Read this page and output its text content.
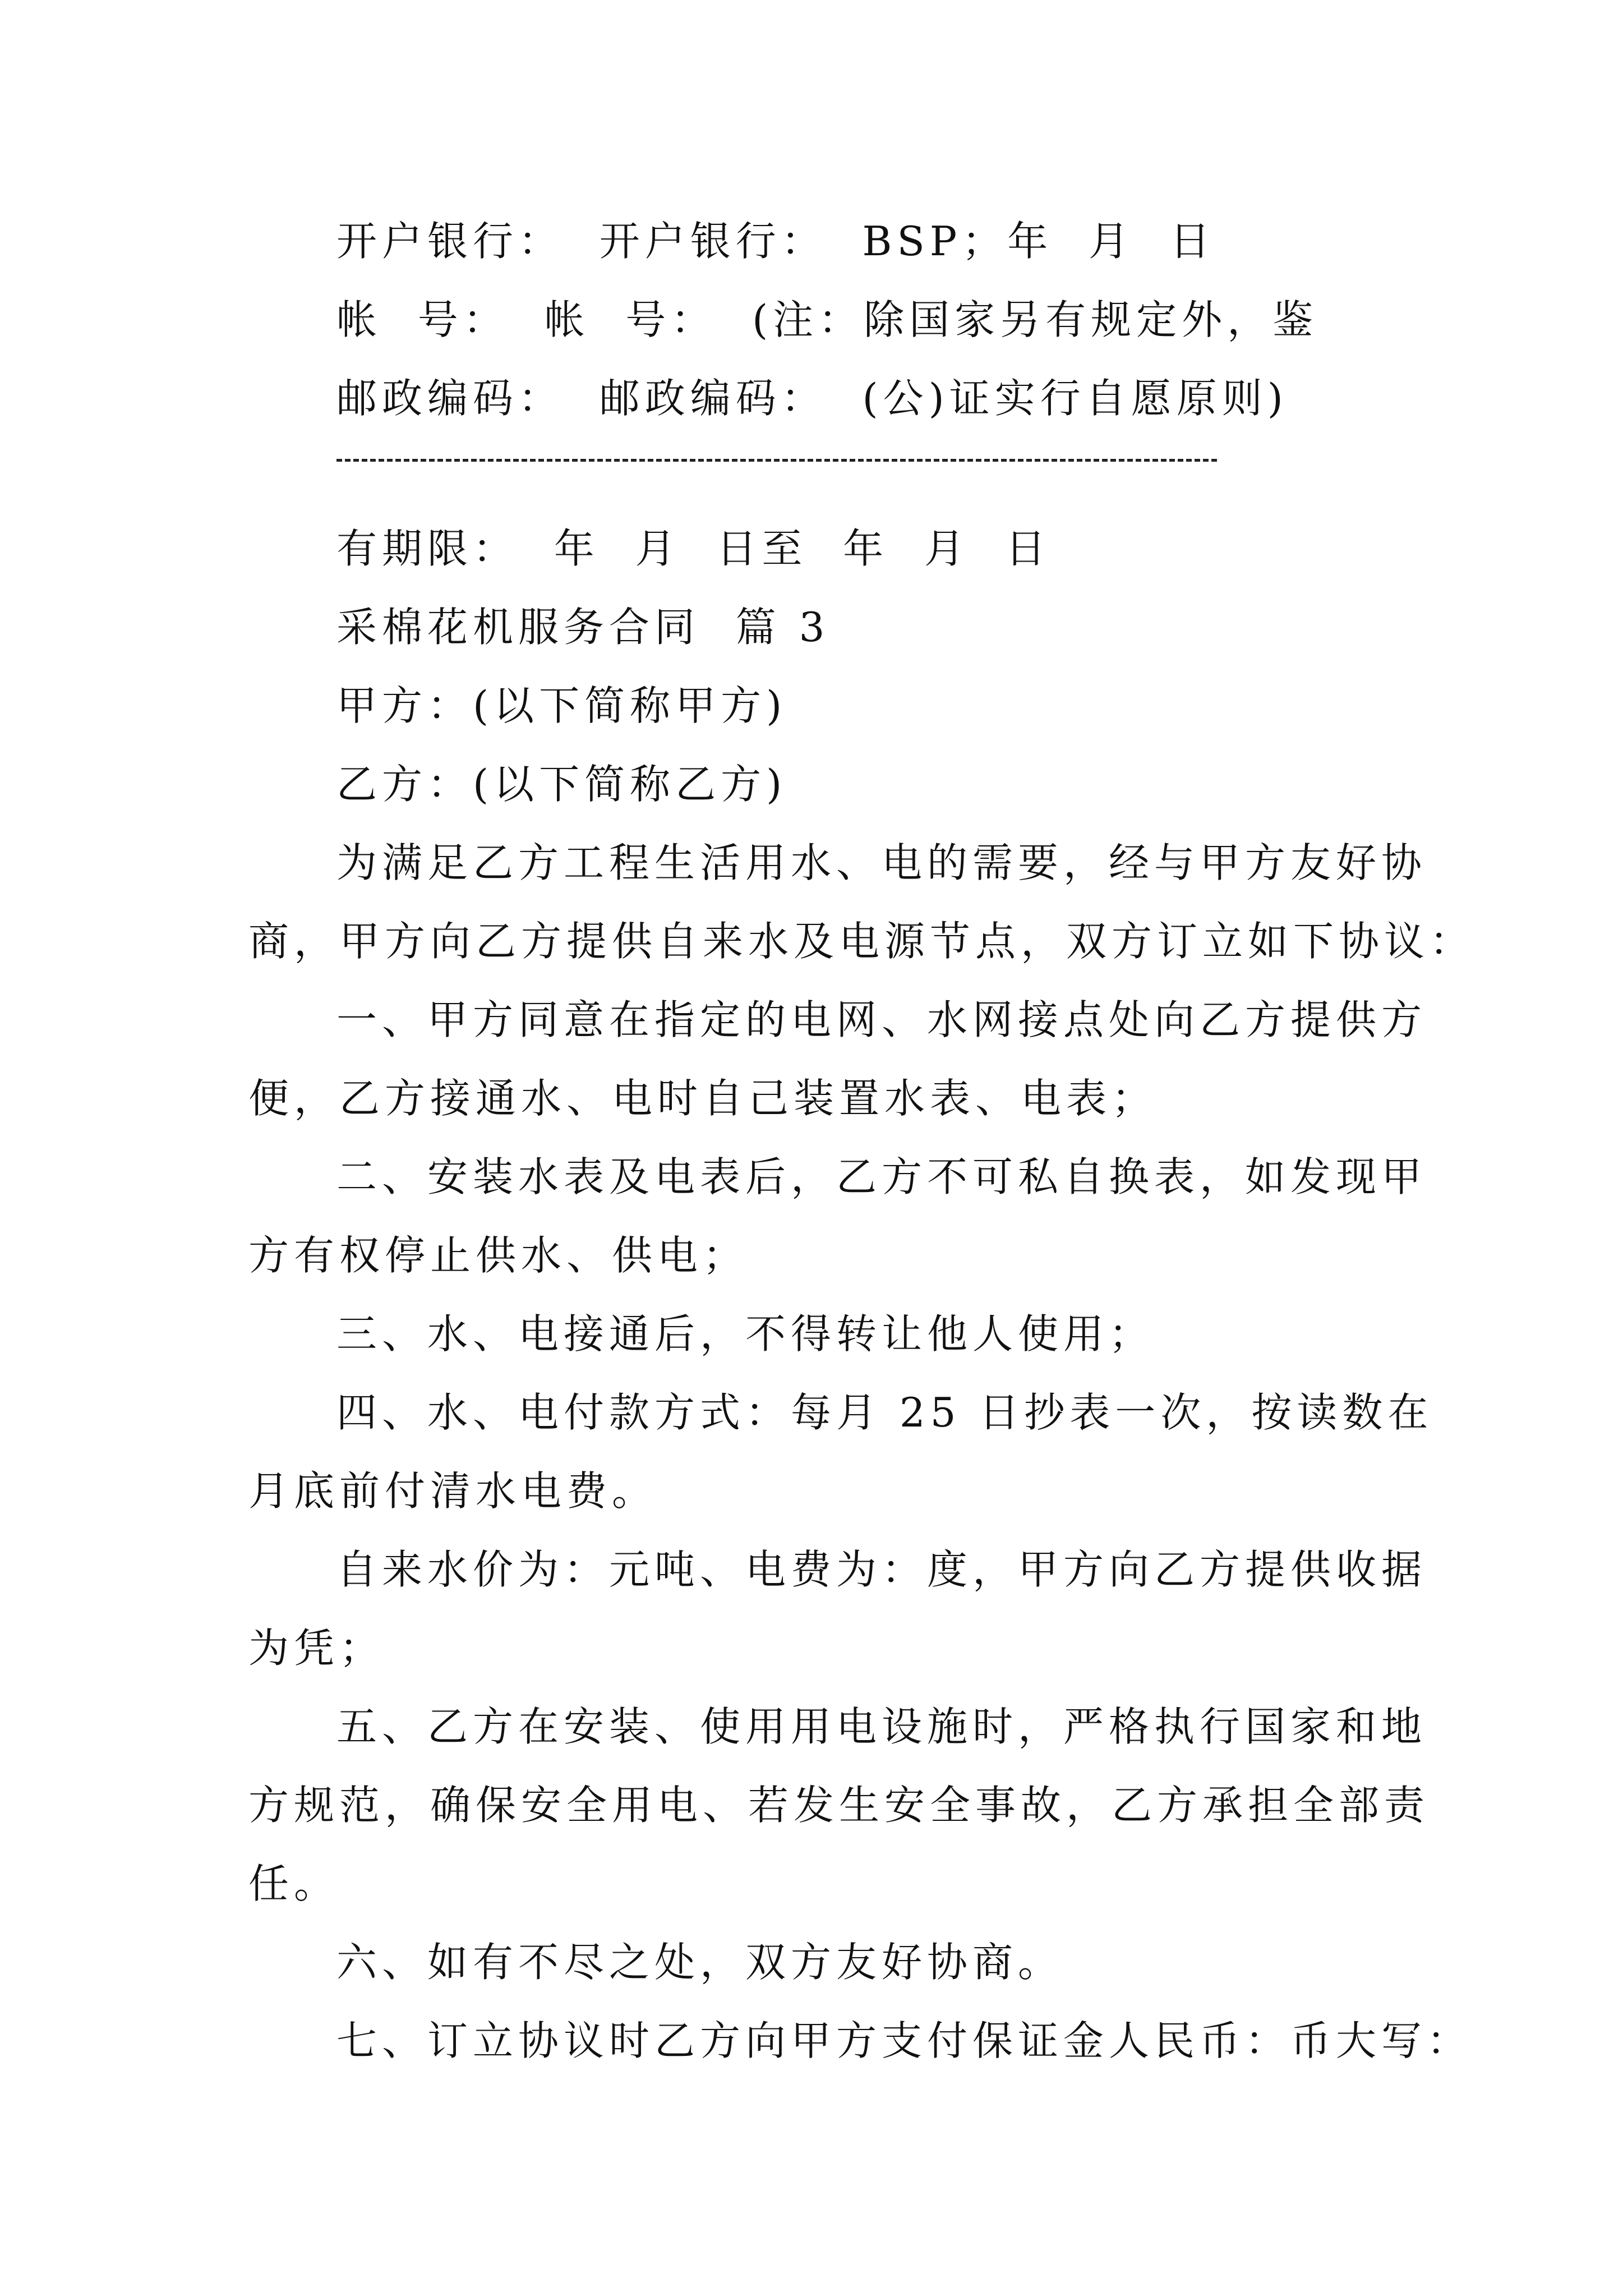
开户银行：  开户银行：  BSP；年  月  日
帐  号：  帐  号：  (注：除国家另有规定外，鉴
邮政编码：  邮政编码：  (公)证实行自愿原则)
有期限：  年  月  日至  年  月  日
采棉花机服务合同  篇 3
甲方：(以下简称甲方)
乙方：(以下简称乙方)
为满足乙方工程生活用水、电的需要，经与甲方友好协
商，甲方向乙方提供自来水及电源节点，双方订立如下协议：
一、甲方同意在指定的电网、水网接点处向乙方提供方
便，乙方接通水、电时自己装置水表、电表；
二、安装水表及电表后，乙方不可私自换表，如发现甲
方有权停止供水、供电；
三、水、电接通后，不得转让他人使用；
四、水、电付款方式：每月 25 日抄表一次，按读数在
月底前付清水电费。
自来水价为：元吨、电费为：度，甲方向乙方提供收据
为凭；
五、乙方在安装、使用用电设施时，严格执行国家和地
方规范，确保安全用电、若发生安全事故，乙方承担全部责
任。
六、如有不尽之处，双方友好协商。
七、订立协议时乙方向甲方支付保证金人民币：币大写：
